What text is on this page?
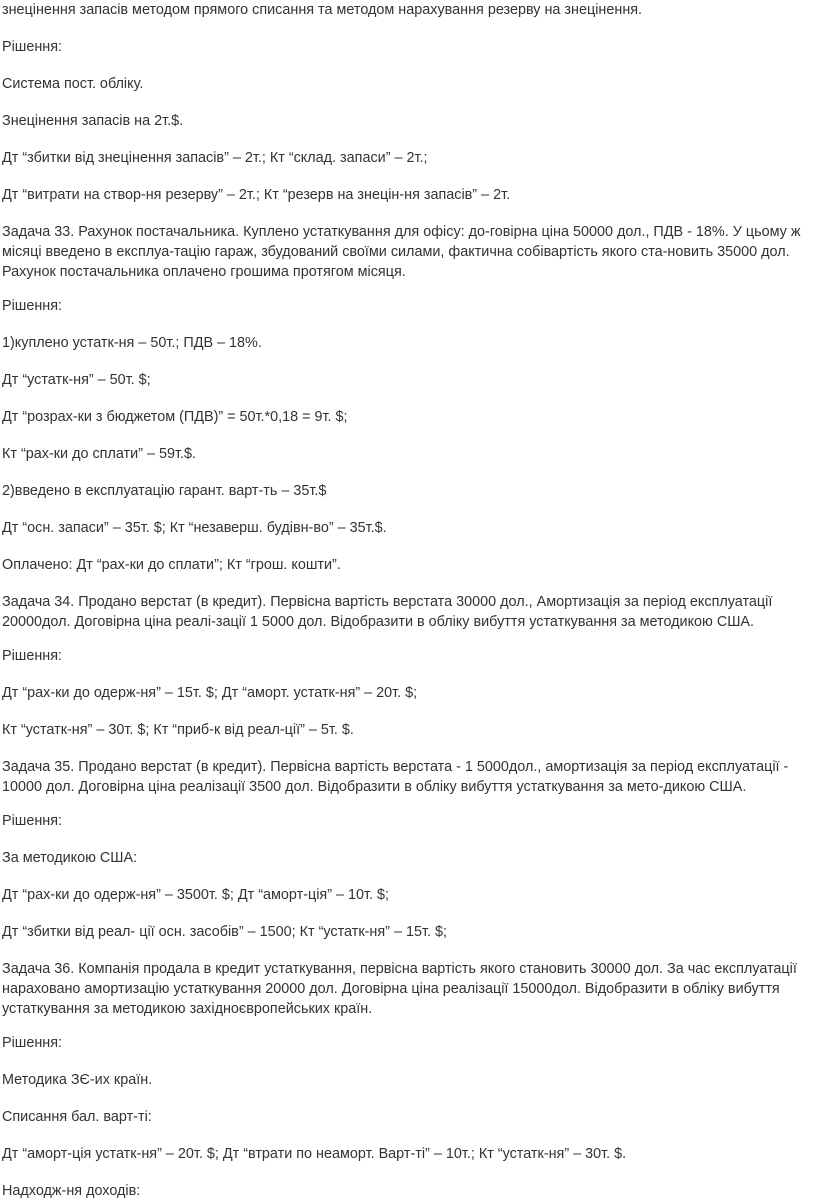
знецінення запасів методом прямого списання та методом нарахування резерву на знецінення.

Рішення:

Система пост. обліку.

Знецінення запасів на 2т.$.

Дт “збитки від знецінення запасів” – 2т.; Кт “склад. запаси” – 2т.;

Дт “витрати на створ-ня резерву” – 2т.; Кт “резерв на знецін-ня запасів” – 2т.

Задача 33. Рахунок постачальника. Куплено устаткування для офісу: до-говірна ціна 50000 дол., ПДВ - 18%. У цьому ж місяці введено в експлуа-тацію гараж, збудований своїми силами, фактична собівартість якого ста-новить 35000 дол. Рахунок постачальника оплачено грошима протягом місяця.

Рішення:

1)куплено устатк-ня – 50т.; ПДВ – 18%.

Дт “устатк-ня” – 50т. $;

Дт “розрах-ки з бюджетом (ПДВ)” = 50т.*0,18 = 9т. $;

Кт “рах-ки до сплати” – 59т.$.

2)введено в експлуатацію гарант. варт-ть – 35т.$

Дт “осн. запаси” – 35т. $; Кт “незаверш. будівн-во” – 35т.$.

Оплачено: Дт “рах-ки до сплати”; Кт “грош. кошти”.

Задача 34. Продано верстат (в кредит). Первісна вартість верстата 30000 дол., Амортизація за період експлуатації 20000дол. Договірна ціна реалі-зації 1 5000 дол. Відобразити в обліку вибуття устаткування за методикою США.

Рішення:

Дт “рах-ки до одерж-ня” – 15т. $; Дт “аморт. устатк-ня” – 20т. $;

Кт “устатк-ня” – 30т. $; Кт “приб-к від реал-ції” – 5т. $.

Задача 35. Продано верстат (в кредит). Первісна вартість верстата - 1 5000дол., амортизація за період експлуатації - 10000 дол. Договірна ціна реалізації 3500 дол. Відобразити в обліку вибуття устаткування за мето-дикою США.

Рішення:

За методикою США:

Дт “рах-ки до одерж-ня” – 3500т. $; Дт “аморт-ція” – 10т. $;

Дт “збитки від реал- ції осн. засобів” – 1500; Кт “устатк-ня” – 15т. $;

Задача 36. Компанія продала в кредит устаткування, первісна вартість якого становить 30000 дол. За час експлуатації нараховано амортизацію устаткування 20000 дол. Договірна ціна реалізації 15000дол. Відобразити в обліку вибуття устаткування за методикою західноєвропейських країн.

Рішення:

Методика ЗЄ-их країн.

Списання бал. варт-ті:

Дт “аморт-ція устатк-ня” – 20т. $; Дт “втрати по неаморт. Варт-ті” – 10т.; Кт “устатк-ня” – 30т. $.

Надходж-ня доходів:
